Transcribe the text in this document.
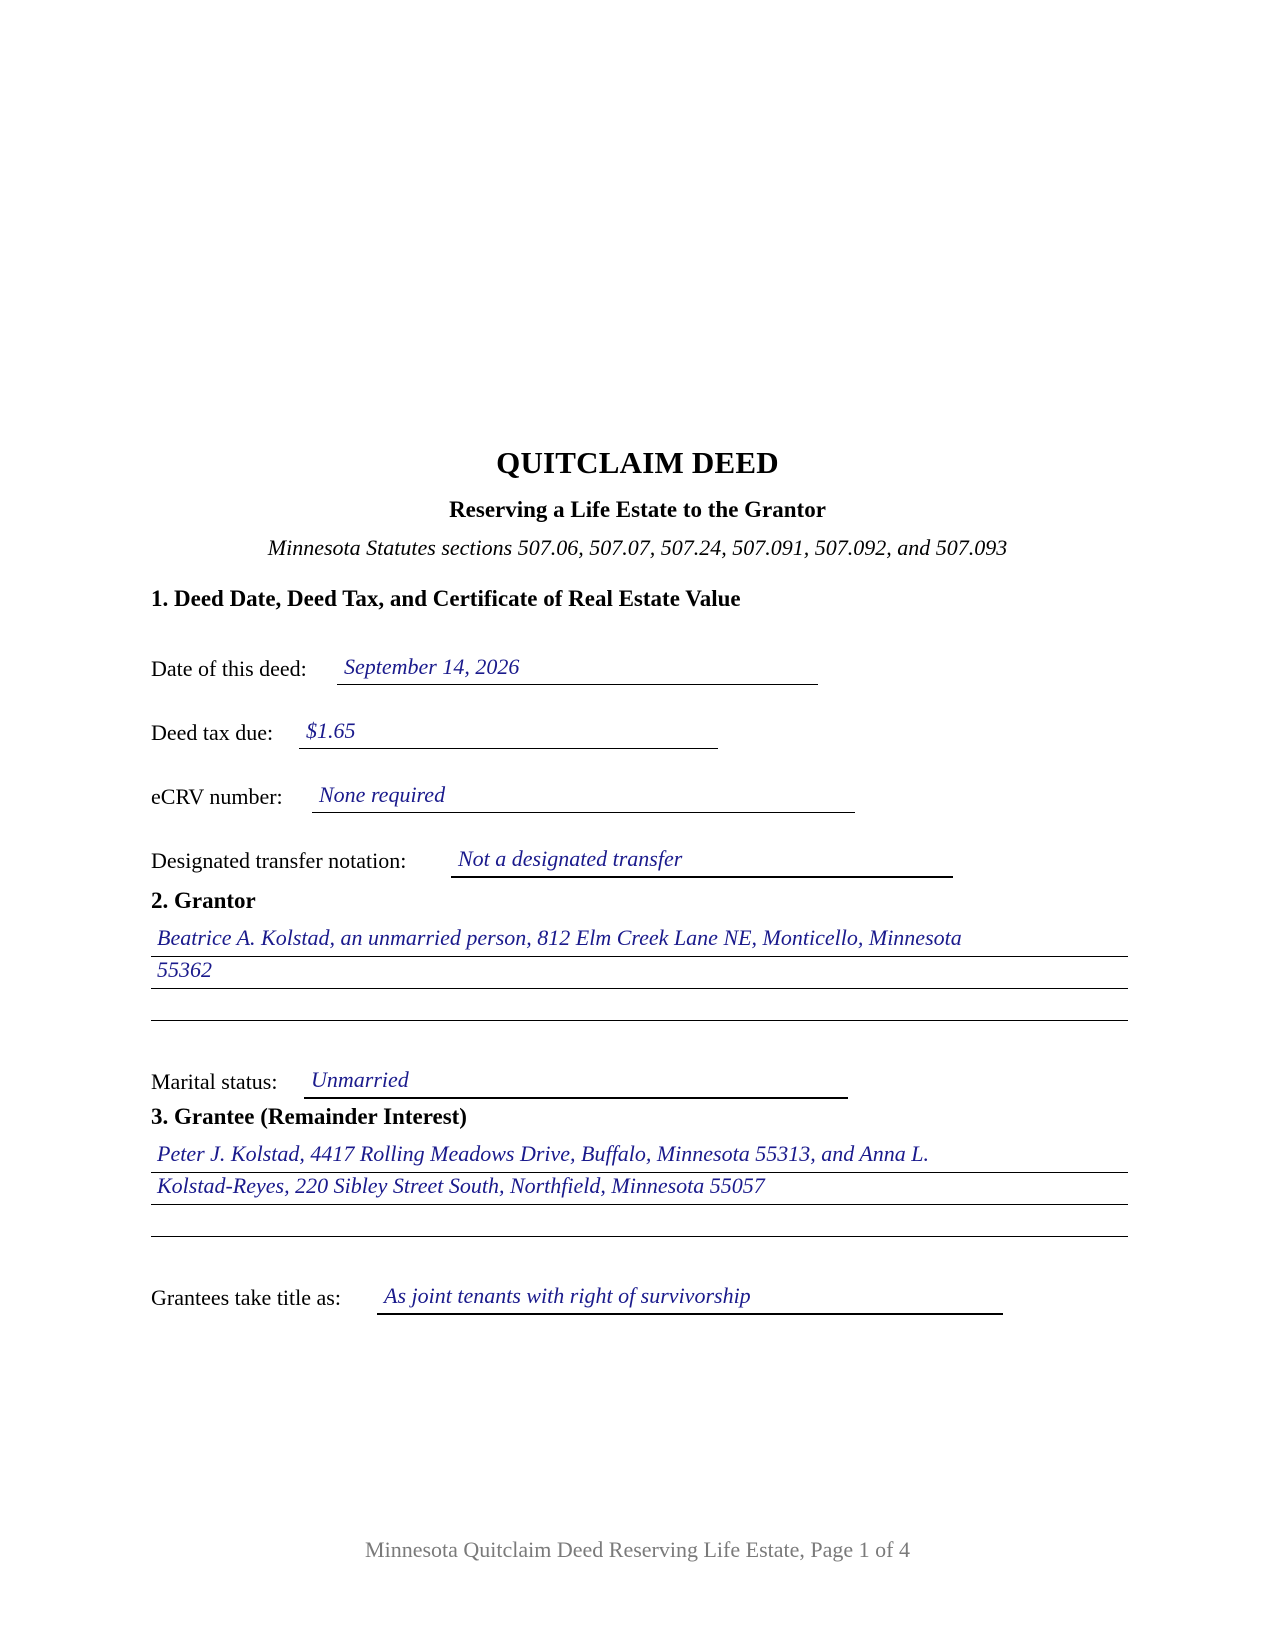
QUITCLAIM DEED
Reserving a Life Estate to the Grantor
Minnesota Statutes sections 507.06, 507.07, 507.24, 507.091, 507.092, and 507.093
1. Deed Date, Deed Tax, and Certificate of Real Estate Value
Date of this deed: September 14, 2026
Deed tax due: $1.65
eCRV number: None required
Designated transfer notation: Not a designated transfer
2. Grantor
Beatrice A. Kolstad, an unmarried person, 812 Elm Creek Lane NE, Monticello, Minnesota
55362
Marital status: Unmarried
3. Grantee (Remainder Interest)
Peter J. Kolstad, 4417 Rolling Meadows Drive, Buffalo, Minnesota 55313, and Anna L.
Kolstad-Reyes, 220 Sibley Street South, Northfield, Minnesota 55057
Grantees take title as: As joint tenants with right of survivorship
Minnesota Quitclaim Deed Reserving Life Estate, Page 1 of 4
